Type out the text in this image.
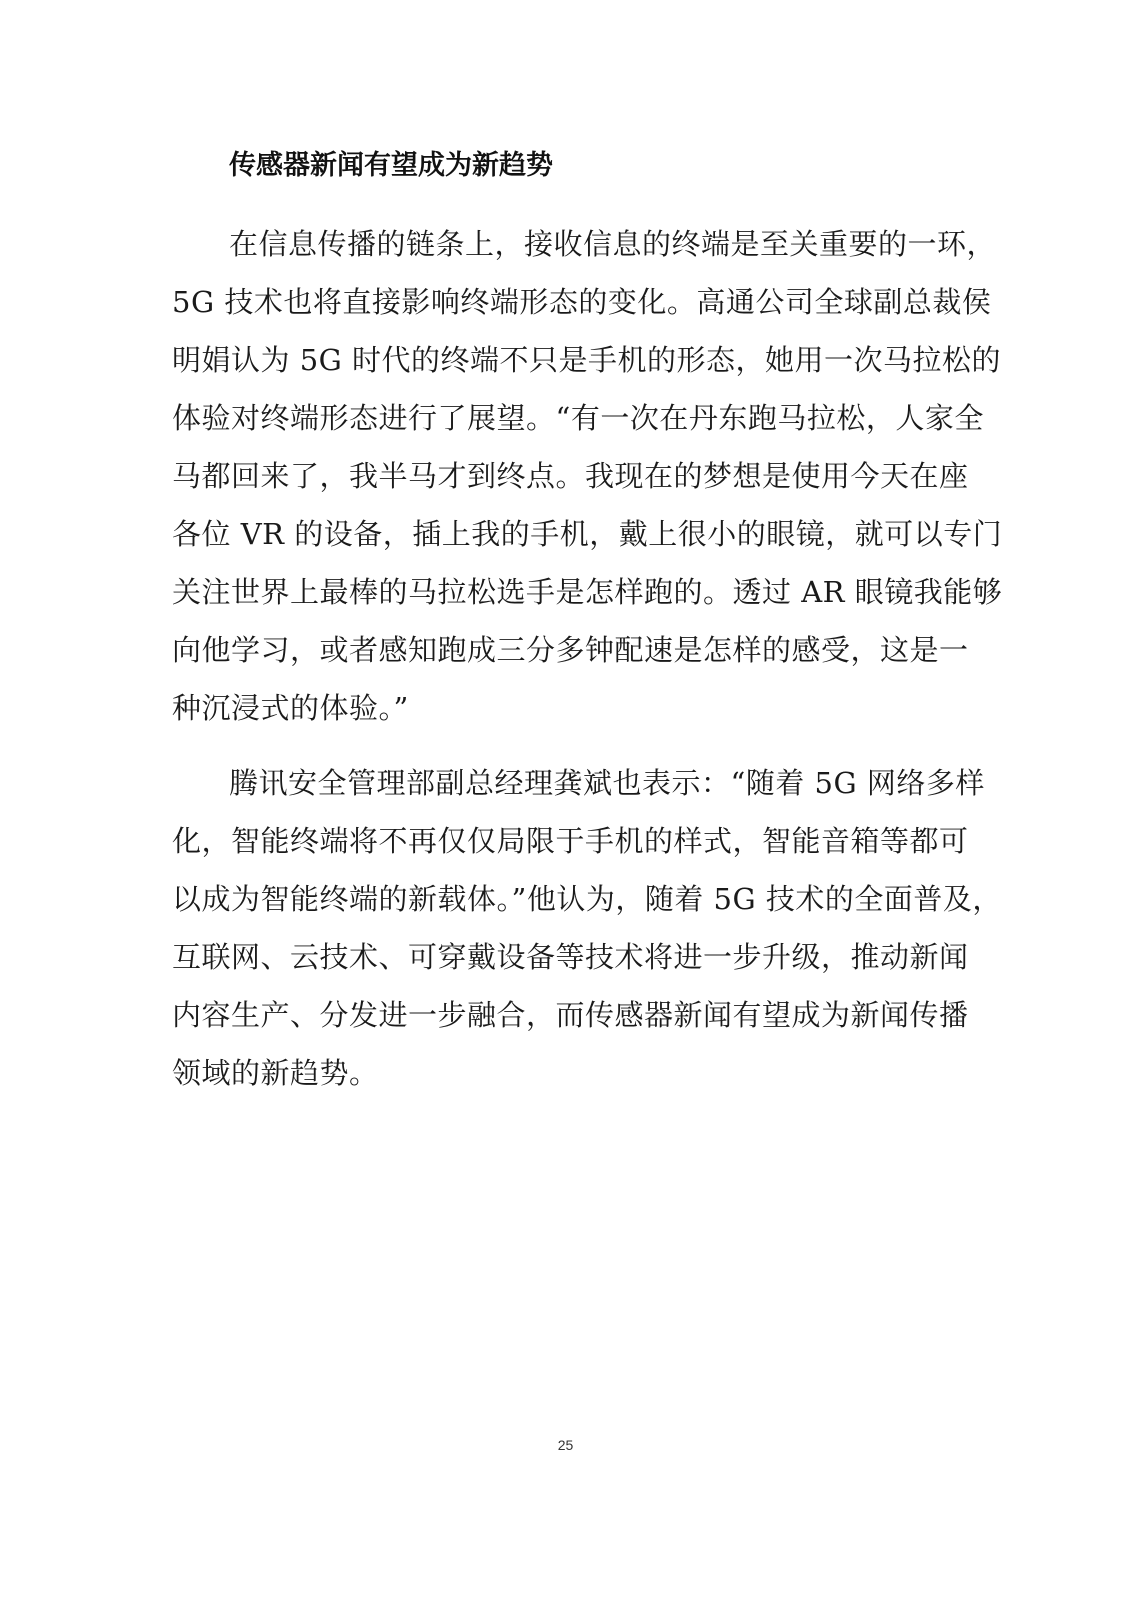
传感器新闻有望成为新趋势
在信息传播的链条上，接收信息的终端是至关重要的一环，
5G 技术也将直接影响终端形态的变化。高通公司全球副总裁侯
明娟认为 5G 时代的终端不只是手机的形态，她用一次马拉松的
体验对终端形态进行了展望。“有一次在丹东跑马拉松，人家全
马都回来了，我半马才到终点。我现在的梦想是使用今天在座
各位 VR 的设备，插上我的手机，戴上很小的眼镜，就可以专门
关注世界上最棒的马拉松选手是怎样跑的。透过 AR 眼镜我能够
向他学习，或者感知跑成三分多钟配速是怎样的感受，这是一
种沉浸式的体验。”
腾讯安全管理部副总经理龚斌也表示：“随着 5G 网络多样
化，智能终端将不再仅仅局限于手机的样式，智能音箱等都可
以成为智能终端的新载体。”他认为，随着 5G 技术的全面普及，
互联网、云技术、可穿戴设备等技术将进一步升级，推动新闻
内容生产、分发进一步融合，而传感器新闻有望成为新闻传播
领域的新趋势。
25
